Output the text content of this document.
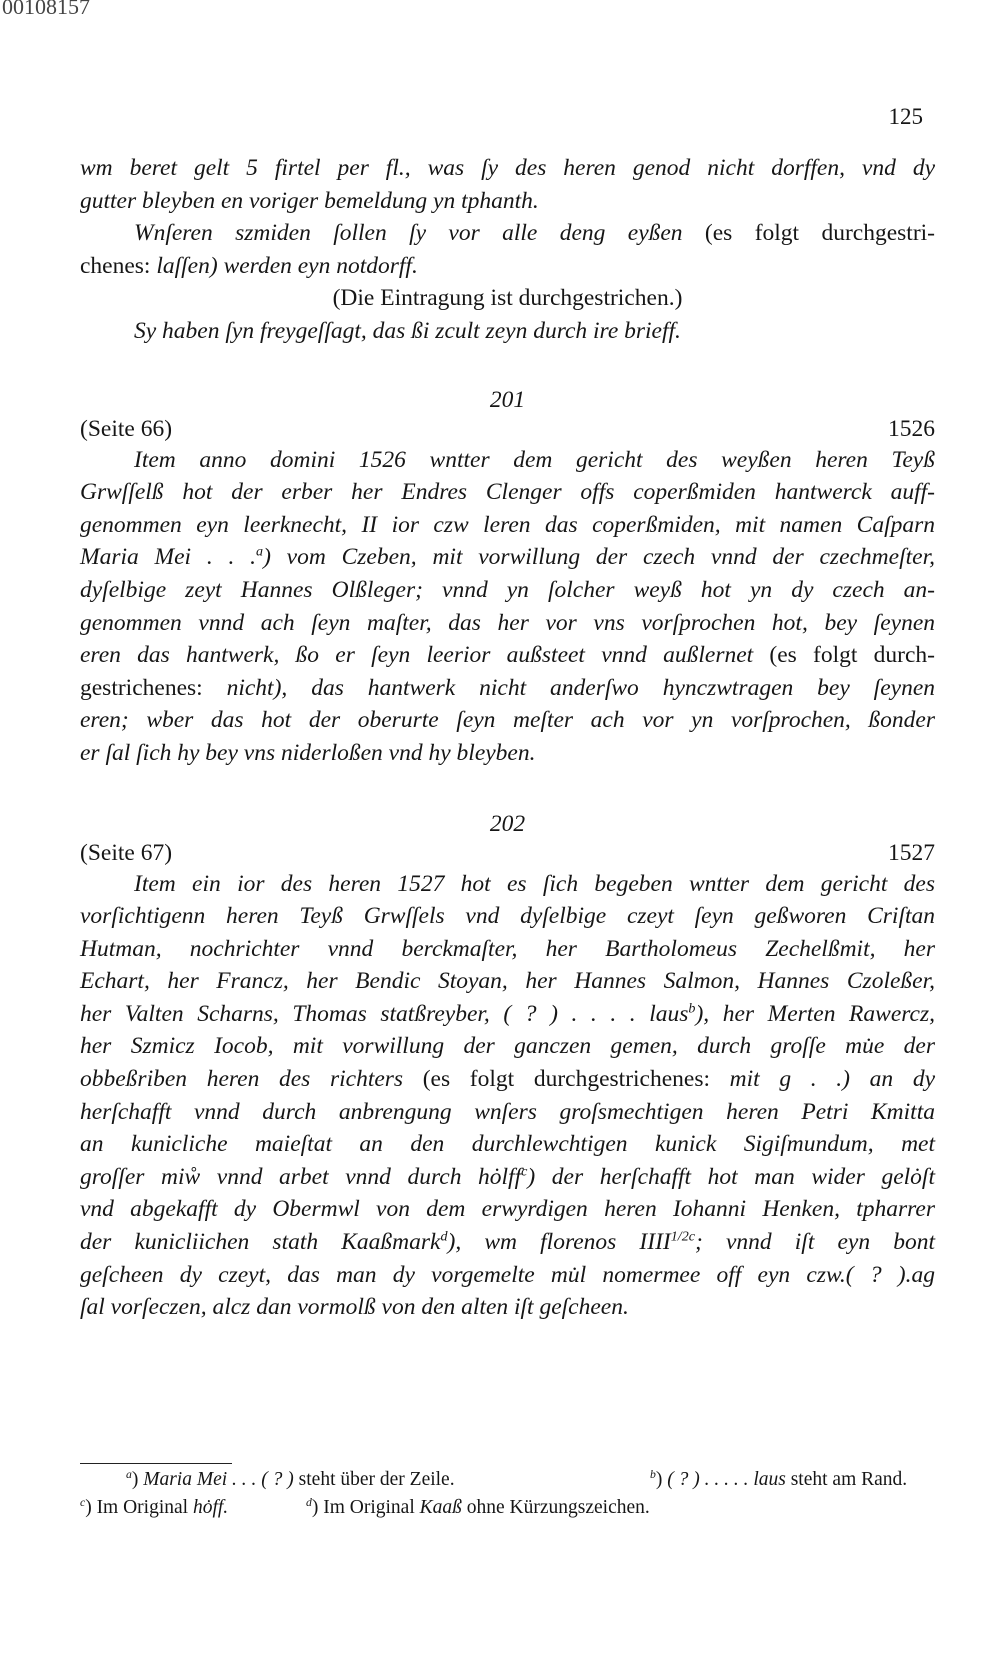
00108157
125
wm beret gelt 5 firtel per fl., was ſy des heren genod nicht dorffen, vnd dy
gutter bleyben en voriger bemeldung yn tphanth.
Wnſeren szmiden ſollen ſy vor alle deng eyßen (es folgt durchgestri-
chenes: laſſen) werden eyn notdorff.
(Die Eintragung ist durchgestrichen.)
Sy haben ſyn freygeſſagt, das ßi zcult zeyn durch ire brieff.
201
(Seite 66)	1526
Item anno domini 1526 wntter dem gericht des weyßen heren Teyß
Grwſſelß hot der erber her Endres Clenger offs coperßmiden hantwerck auff-
genommen eyn leerknecht, II ior czw leren das coperßmiden, mit namen Caſparn
Maria Mei . . .$^a$) vom Czeben, mit vorwillung der czech vnnd der czechmeſter,
dyſelbige zeyt Hannes Olßleger; vnnd yn ſolcher weyß hot yn dy czech an-
genommen vnnd ach ſeyn maſter, das her vor vns vorſprochen hot, bey ſeynen
eren das hantwerk, ßo er ſeyn leerior außsteet vnnd außlernet (es folgt durch-
gestrichenes: nicht), das hantwerk nicht anderſwo hynczwtragen bey ſeynen
eren; wber das hot der oberurte ſeyn meſter ach vor yn vorſprochen, ßonder
er ſal ſich hy bey vns niderloßen vnd hy bleyben.
202
(Seite 67)	1527
Item ein ior des heren 1527 hot es ſich begeben wntter dem gericht des
vorſichtigenn heren Teyß Grwſſels vnd dyſelbige czeyt ſeyn geßworen Criſtan
Hutman, nochrichter vnnd berckmaſter, her Bartholomeus Zechelßmit, her
Echart, her Francz, her Bendic Stoyan, her Hannes Salmon, Hannes Czoleßer,
her Valten Scharns, Thomas statßreyber, ( ? ) . . . . laus$^b$), her Merten Rawercz,
her Szmicz Iocob, mit vorwillung der ganczen gemen, durch groſſe mu̇e der
obbeßriben heren des richters (es folgt durchgestrichenes: mit g . .) an dy
herſchafft vnnd durch anbrengung wnſers groſsmechtigen heren Petri Kmitta
an kunicliche maieſtat an den durchlewchtigen kunick Sigiſmundum, met
groſſer miẘ vnnd arbet vnnd durch hȯlff$^c$) der herſchafft hot man wider gelȯſt
vnd abgekafft dy Obermwl von dem erwyrdigen heren Iohanni Henken, tpharrer
der kunicliichen stath Kaaßmark$^d$), wm florenos $IIII^{1/2c}$; vnnd iſt eyn bont
geſcheen dy czeyt, das man dy vorgemelte mu̇l nomermee off eyn czw.( ? ).ag
ſal vorſeczen, alcz dan vormolß von den alten iſt geſcheen.
$^a$) Maria Mei . . . ( ? ) steht über der Zeile.	$^b$) ( ? ) . . . . . laus steht am Rand.
$^c$) Im Original hȯff.	$^d$) Im Original Kaaß ohne Kürzungszeichen.
